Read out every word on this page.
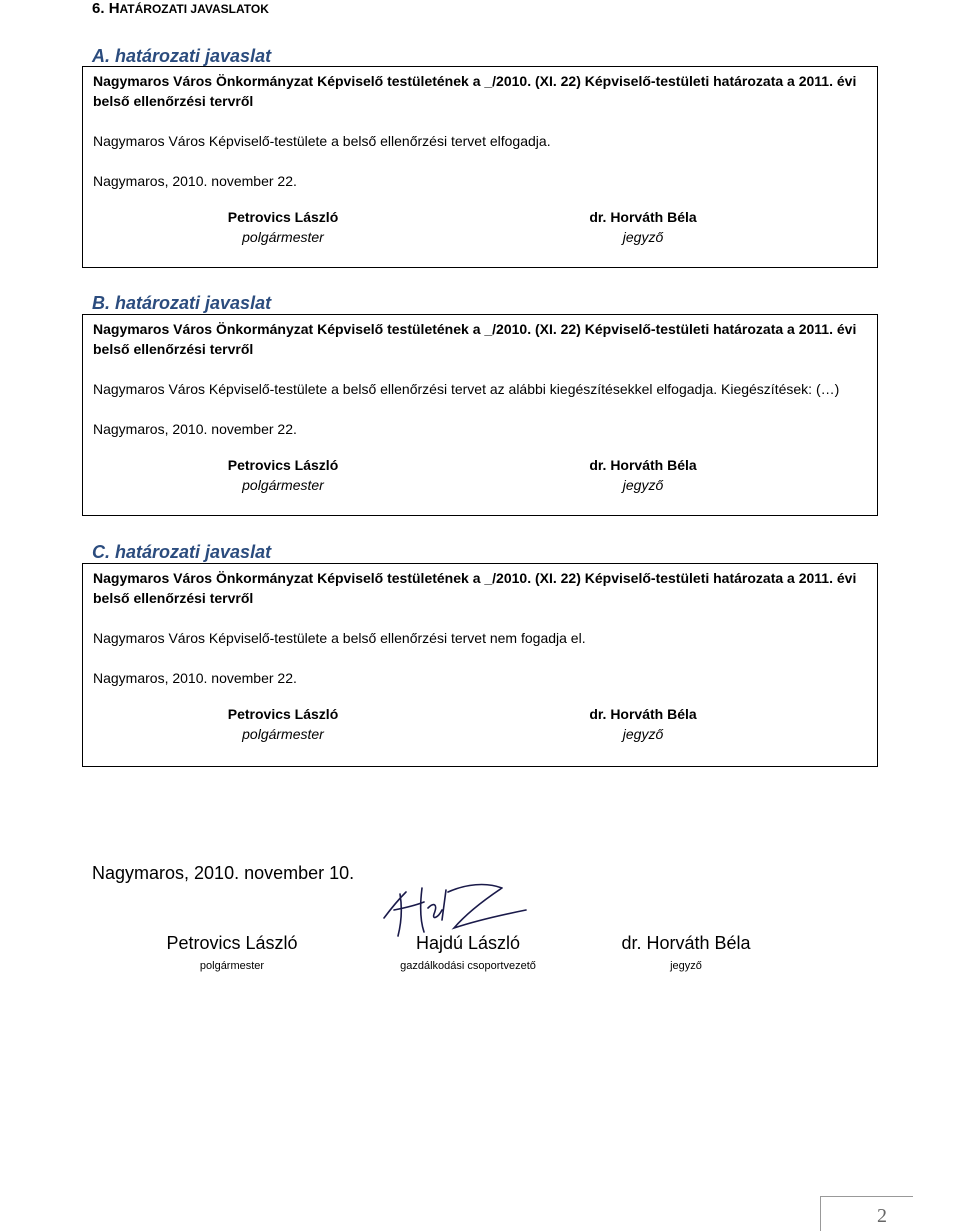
6. HATÁROZATI JAVASLATOK
A. határozati javaslat
Nagymaros Város Önkormányzat Képviselő testületének a _/2010. (XI. 22) Képviselő-testületi határozata a 2011. évi belső ellenőrzési tervről
Nagymaros Város Képviselő-testülete a belső ellenőrzési tervet elfogadja.
Nagymaros, 2010. november 22.
Petrovics László
polgármester
dr. Horváth Béla
jegyző
B. határozati javaslat
Nagymaros Város Önkormányzat Képviselő testületének a _/2010. (XI. 22) Képviselő-testületi határozata a 2011. évi belső ellenőrzési tervről
Nagymaros Város Képviselő-testülete a belső ellenőrzési tervet az alábbi kiegészítésekkel elfogadja. Kiegészítések: (…)
Nagymaros, 2010. november 22.
Petrovics László
polgármester
dr. Horváth Béla
jegyző
C. határozati javaslat
Nagymaros Város Önkormányzat Képviselő testületének a _/2010. (XI. 22) Képviselő-testületi határozata a 2011. évi belső ellenőrzési tervről
Nagymaros Város Képviselő-testülete a belső ellenőrzési tervet nem fogadja el.
Nagymaros, 2010. november 22.
Petrovics László
polgármester
dr. Horváth Béla
jegyző
Nagymaros, 2010. november 10.
Petrovics László
polgármester
Hajdú László
gazdálkodási csoportvezető
dr. Horváth Béla
jegyző
2
